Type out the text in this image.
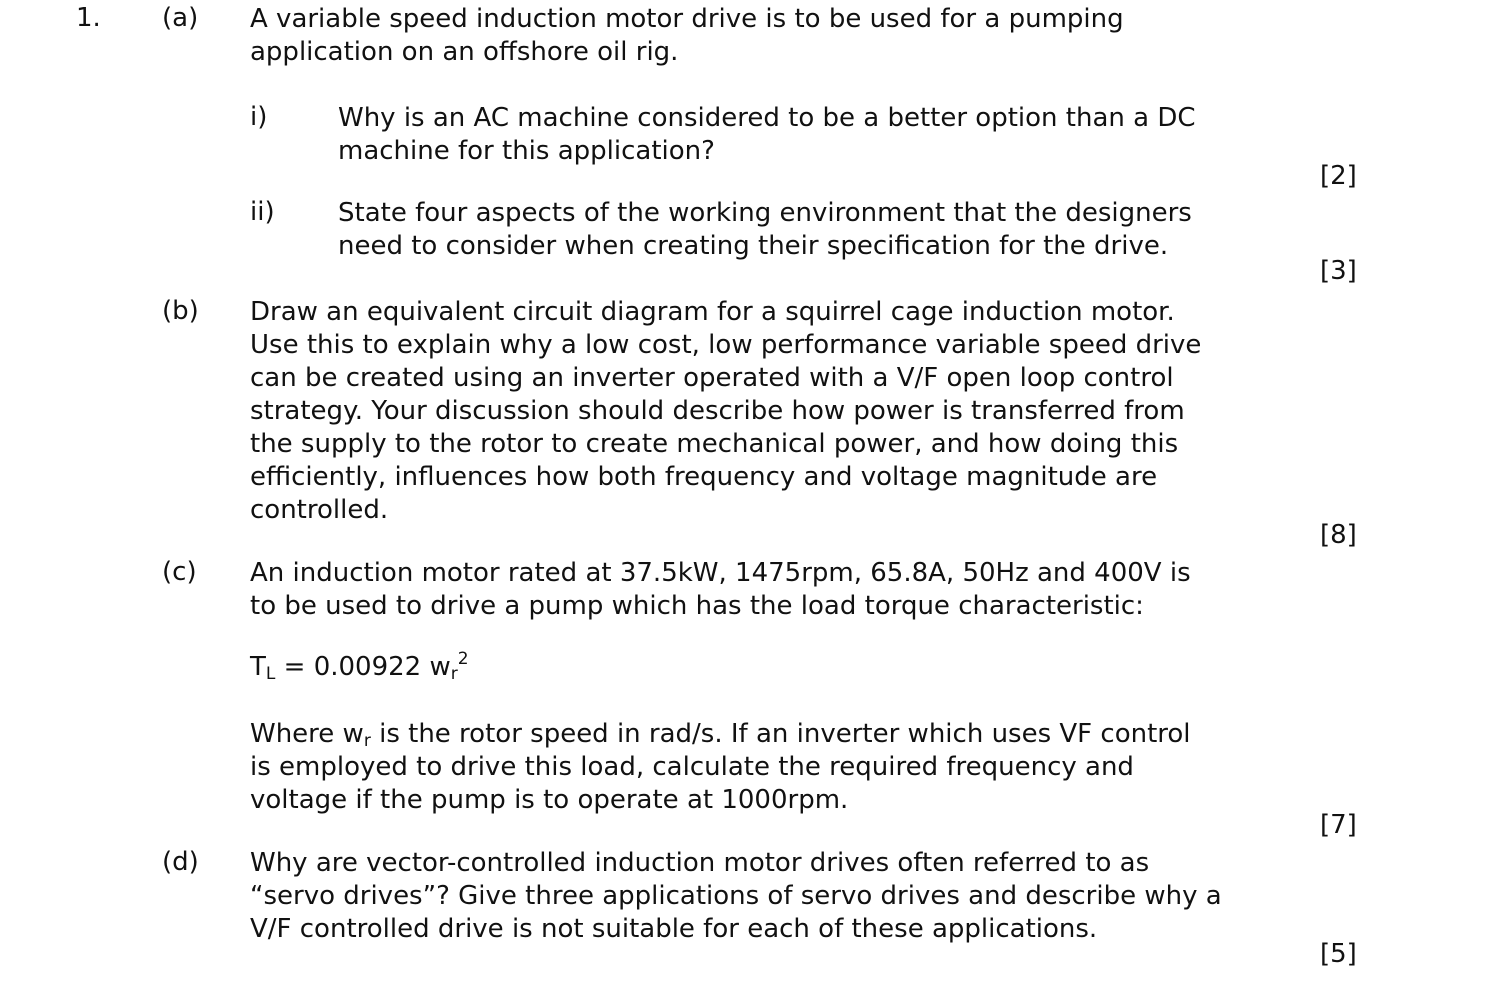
1. (a) A variable speed induction motor drive is to be used for a pumping
application on an offshore oil rig.

i)	Why is an AC machine considered to be a better option than a DC
machine for this application?

[2]

ii) State four aspects of the working environment that the designers
need to consider when creating their specification for the drive.

[3]

(b) Draw an equivalent circuit diagram for a squirrel cage induction motor.
Use this to explain why a low cost, low performance variable speed drive
can be created using an inverter operated with a V/F open loop control
strategy. Your discussion should describe how power is transferred from
the supply to the rotor to create mechanical power, and how doing this
efficiently, influences how both frequency and voltage magnitude are
controlled.

[8]

(c) An induction motor rated at 37.5kW, 1475rpm, 65.8A, 50Hz and 400V is
to be used to drive a pump which has the load torque characteristic:

$T_L = 0.00922$ $w_r^2$

Where $w_r$ is the rotor speed in rad/s. If an inverter which uses VF control
is employed to drive this load, calculate the required frequency and
voltage if the pump is to operate at 1000rpm.

[7]

(d) Why are vector-controlled induction motor drives often referred to as
“servo drives”? Give three applications of servo drives and describe why a
V/F controlled drive is not suitable for each of these applications.

[5]
